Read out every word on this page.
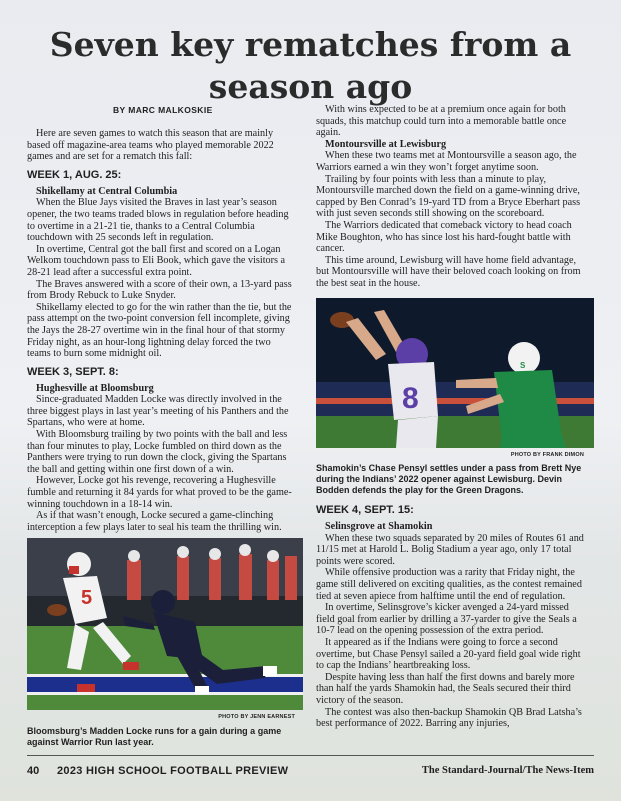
Seven key rematches from a season ago
BY MARC MALKOSKIE

Here are seven games to watch this season that are mainly based off magazine-area teams who played memorable 2022 games and are set for a rematch this fall:

WEEK 1, AUG. 25:

Shikellamy at Central Columbia

When the Blue Jays visited the Braves in last year’s season opener, the two teams traded blows in regulation before heading to overtime in a 21-21 tie, thanks to a Central Columbia touchdown with 25 seconds left in regulation.

In overtime, Central got the ball first and scored on a Logan Welkom touchdown pass to Eli Book, which gave the visitors a 28-21 lead after a successful extra point.

The Braves answered with a score of their own, a 13-yard pass from Brody Rebuck to Luke Snyder.

Shikellamy elected to go for the win rather than the tie, but the pass attempt on the two-point conversion fell incomplete, giving the Jays the 28-27 overtime win in the final hour of that stormy Friday night, as an hour-long lightning delay forced the two teams to burn some midnight oil.

WEEK 3, SEPT. 8:

Hughesville at Bloomsburg

Since-graduated Madden Locke was directly involved in the three biggest plays in last year’s meeting of his Panthers and the Spartans, who were at home.

With Bloomsburg trailing by two points with the ball and less than four minutes to play, Locke fumbled on third down as the Panthers were trying to run down the clock, giving the Spartans the ball and getting within one first down of a win.

However, Locke got his revenge, recovering a Hughesville fumble and returning it 84 yards for what proved to be the game-winning touchdown in a 18-14 win.

As if that wasn’t enough, Locke secured a game-clinching interception a few plays later to seal his team the thrilling win.

5
PHOTO BY JENN EARNEST
Bloomsburg’s Madden Locke runs for a gain during a game against Warrior Run last year.

With wins expected to be at a premium once again for both squads, this matchup could turn into a memorable battle once again.

Montoursville at Lewisburg

When these two teams met at Montoursville a season ago, the Warriors earned a win they won’t forget anytime soon.

Trailing by four points with less than a minute to play, Montoursville marched down the field on a game-winning drive, capped by Ben Conrad’s 19-yard TD from a Bryce Eberhart pass with just seven seconds still showing on the scoreboard.

The Warriors dedicated that comeback victory to head coach Mike Boughton, who has since lost his hard-fought battle with cancer.

This time around, Lewisburg will have home field advantage, but Montoursville will have their beloved coach looking on from the best seat in the house.

8
S
PHOTO BY FRANK DIMON
Shamokin’s Chase Pensyl settles under a pass from Brett Nye during the Indians’ 2022 opener against Lewisburg. Devin Bodden defends the play for the Green Dragons.
WEEK 4, SEPT. 15:

Selinsgrove at Shamokin

When these two squads separated by 20 miles of Routes 61 and 11/15 met at Harold L. Bolig Stadium a year ago, only 17 total points were scored.

While offensive production was a rarity that Friday night, the game still delivered on exciting qualities, as the contest remained tied at seven apiece from halftime until the end of regulation.

In overtime, Selinsgrove’s kicker avenged a 24-yard missed field goal from earlier by drilling a 37-yarder to give the Seals a 10-7 lead on the opening possession of the extra period.

It appeared as if the Indians were going to force a second overtime, but Chase Pensyl sailed a 20-yard field goal wide right to cap the Indians’ heartbreaking loss.

Despite having less than half the first downs and barely more than half the yards Shamokin had, the Seals secured their third victory of the season.

The contest was also then-backup Shamokin QB Brad Latsha’s best performance of 2022. Barring any injuries,

40 2023 HIGH SCHOOL FOOTBALL PREVIEW	The Standard-Journal/The News-Item
